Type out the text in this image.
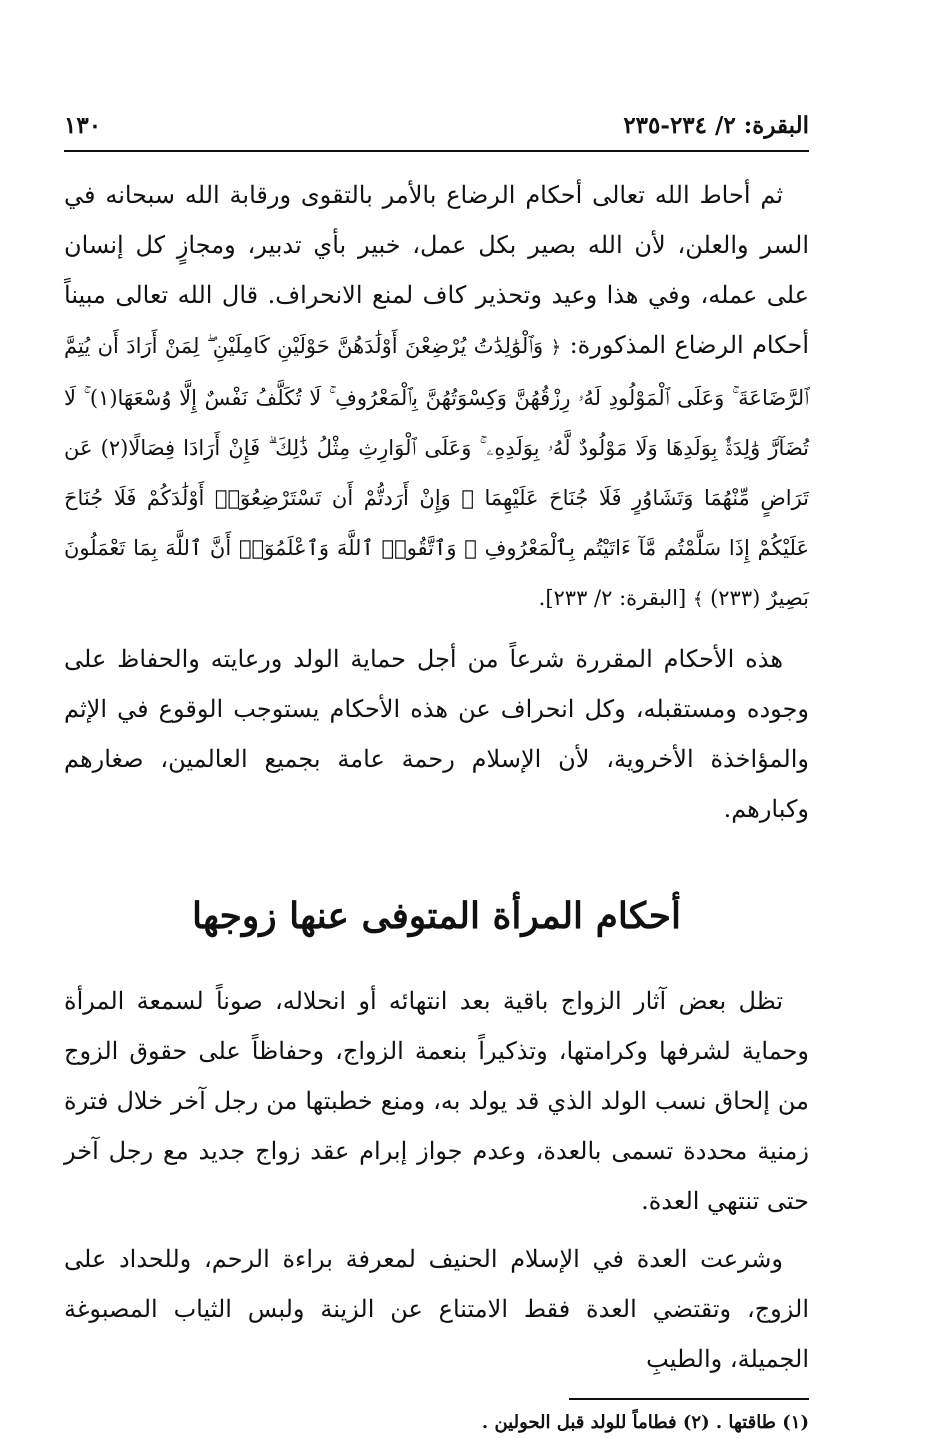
البقرة: ٢/ ٢٣٤-٢٣٥
١٣٠

ثم أحاط الله تعالى أحكام الرضاع بالأمر بالتقوى ورقابة الله سبحانه في السر والعلن، لأن الله بصير بكل عمل، خبير بأي تدبير، ومجازٍ كل إنسان على عمله، وفي هذا وعيد وتحذير كاف لمنع الانحراف. قال الله تعالى مبيناً أحكام الرضاع المذكورة: ﴿ وَٱلْوَٰلِدَٰتُ يُرْضِعْنَ أَوْلَٰدَهُنَّ حَوْلَيْنِ كَامِلَيْنِ ۖ لِمَنْ أَرَادَ أَن يُتِمَّ ٱلرَّضَاعَةَ ۚ وَعَلَى ٱلْمَوْلُودِ لَهُۥ رِزْقُهُنَّ وَكِسْوَتُهُنَّ بِٱلْمَعْرُوفِ ۚ لَا تُكَلَّفُ نَفْسٌ إِلَّا وُسْعَهَا(١) ۚ لَا تُضَآرَّ وَٰلِدَةٌۢ بِوَلَدِهَا وَلَا مَوْلُودٌ لَّهُۥ بِوَلَدِهِۦ ۚ وَعَلَى ٱلْوَارِثِ مِثْلُ ذَٰلِكَ ۗ فَإِنْ أَرَادَا فِصَالًا(٢) عَن تَرَاضٍ مِّنْهُمَا وَتَشَاوُرٍ فَلَا جُنَاحَ عَلَيْهِمَا ۗ وَإِنْ أَرَدتُّمْ أَن تَسْتَرْضِعُوٓا۟ أَوْلَٰدَكُمْ فَلَا جُنَاحَ عَلَيْكُمْ إِذَا سَلَّمْتُم مَّآ ءَاتَيْتُم بِٱلْمَعْرُوفِ ۗ وَٱتَّقُوا۟ ٱللَّهَ وَٱعْلَمُوٓا۟ أَنَّ ٱللَّهَ بِمَا تَعْمَلُونَ بَصِيرٌ (٢٣٣) ﴾ [البقرة: ٢/ ٢٣٣].

هذه الأحكام المقررة شرعاً من أجل حماية الولد ورعايته والحفاظ على وجوده ومستقبله، وكل انحراف عن هذه الأحكام يستوجب الوقوع في الإثم والمؤاخذة الأخروية، لأن الإسلام رحمة عامة بجميع العالمين، صغارهم وكبارهم.

أحكام المرأة المتوفى عنها زوجها

تظل بعض آثار الزواج باقية بعد انتهائه أو انحلاله، صوناً لسمعة المرأة وحماية لشرفها وكرامتها، وتذكيراً بنعمة الزواج، وحفاظاً على حقوق الزوج من إلحاق نسب الولد الذي قد يولد به، ومنع خطبتها من رجل آخر خلال فترة زمنية محددة تسمى بالعدة، وعدم جواز إبرام عقد زواج جديد مع رجل آخر حتى تنتهي العدة.

وشرعت العدة في الإسلام الحنيف لمعرفة براءة الرحم، وللحداد على الزوج، وتقتضي العدة فقط الامتناع عن الزينة ولبس الثياب المصبوغة الجميلة، والطيبِ

(١) طاقتها . (٢) فطاماً للولد قبل الحولين .
